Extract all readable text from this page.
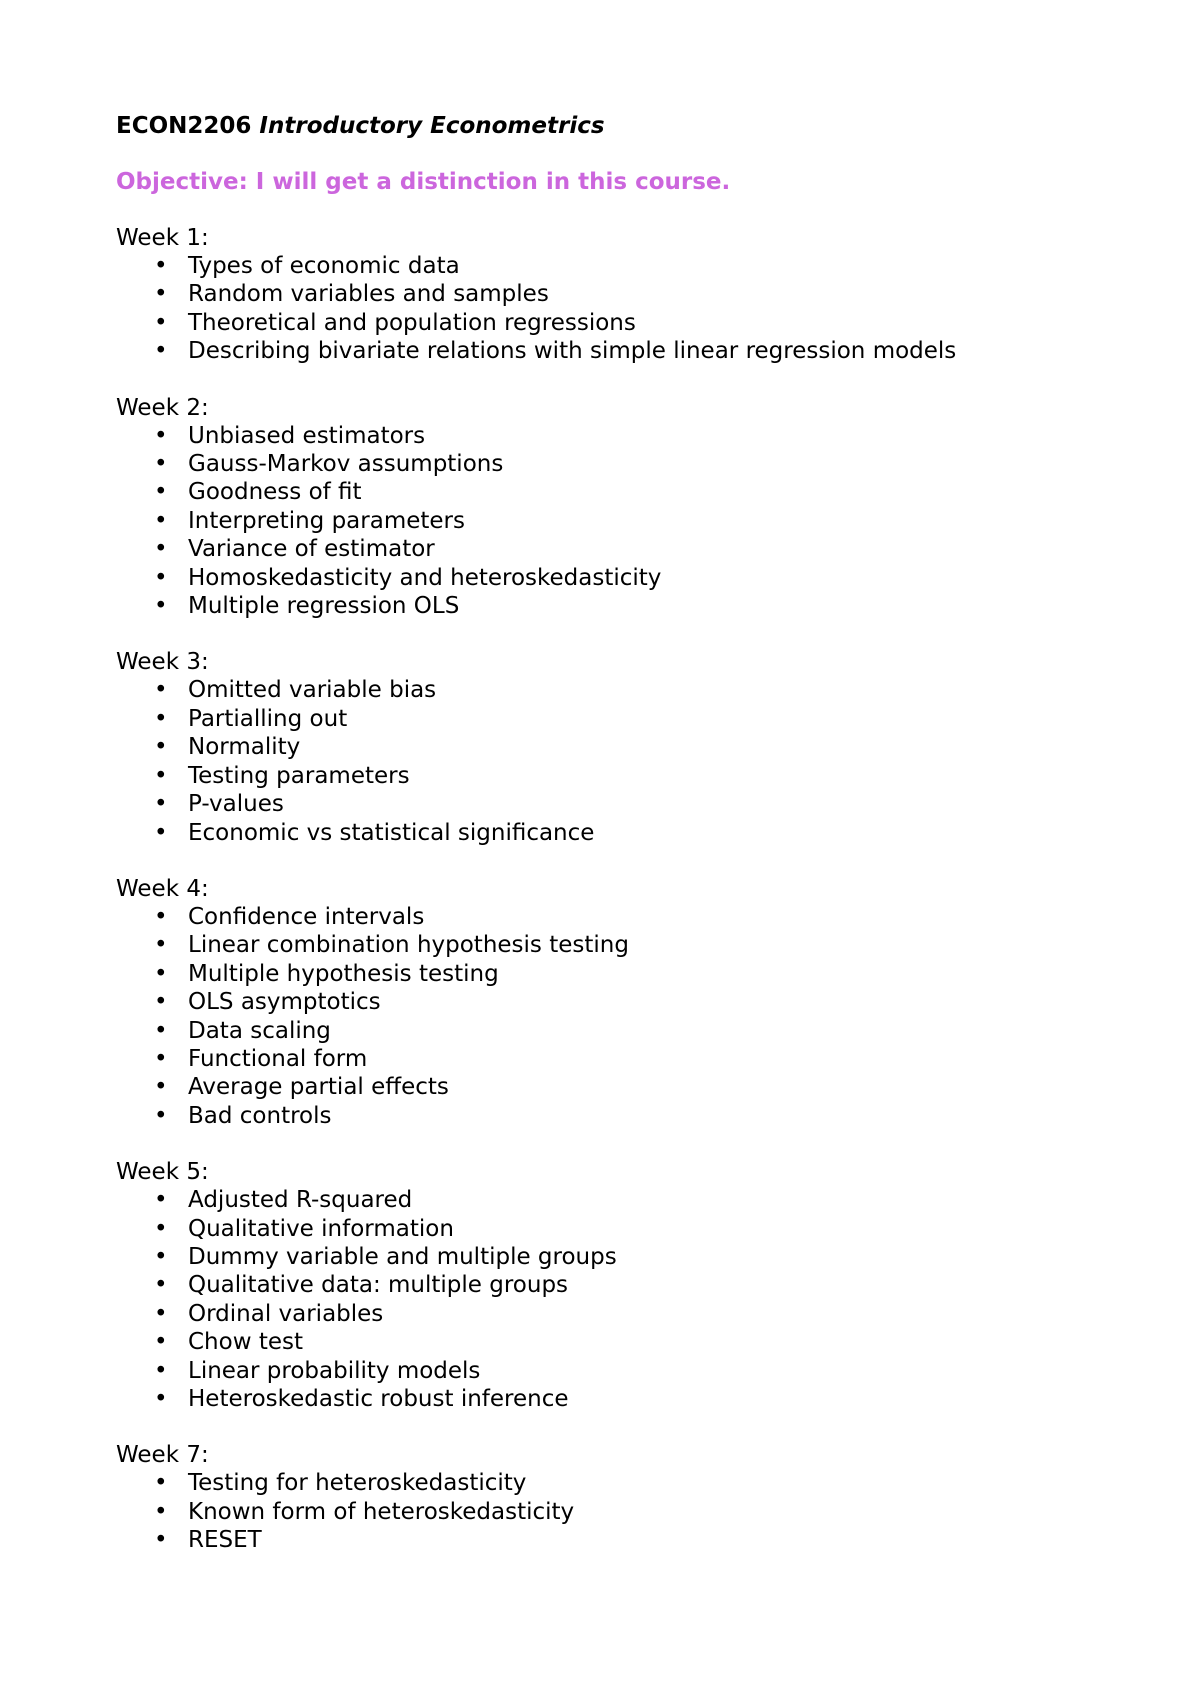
ECON2206 Introductory Econometrics

Objective: I will get a distinction in this course.

Week 1:

• Types of economic data
• Random variables and samples
• Theoretical and population regressions
• Describing bivariate relations with simple linear regression models

Week 2:

• Unbiased estimators
• Gauss-Markov assumptions
• Goodness of fit
• Interpreting parameters
• Variance of estimator
• Homoskedasticity and heteroskedasticity
• Multiple regression OLS

Week 3:

• Omitted variable bias
• Partialling out
• Normality
• Testing parameters
• P-values
• Economic vs statistical significance

Week 4:

• Confidence intervals
• Linear combination hypothesis testing
• Multiple hypothesis testing
• OLS asymptotics
• Data scaling
• Functional form
• Average partial effects
• Bad controls

Week 5:

• Adjusted R-squared
• Qualitative information
• Dummy variable and multiple groups
• Qualitative data: multiple groups
• Ordinal variables
• Chow test
• Linear probability models
• Heteroskedastic robust inference

Week 7:

• Testing for heteroskedasticity
• Known form of heteroskedasticity
• RESET
